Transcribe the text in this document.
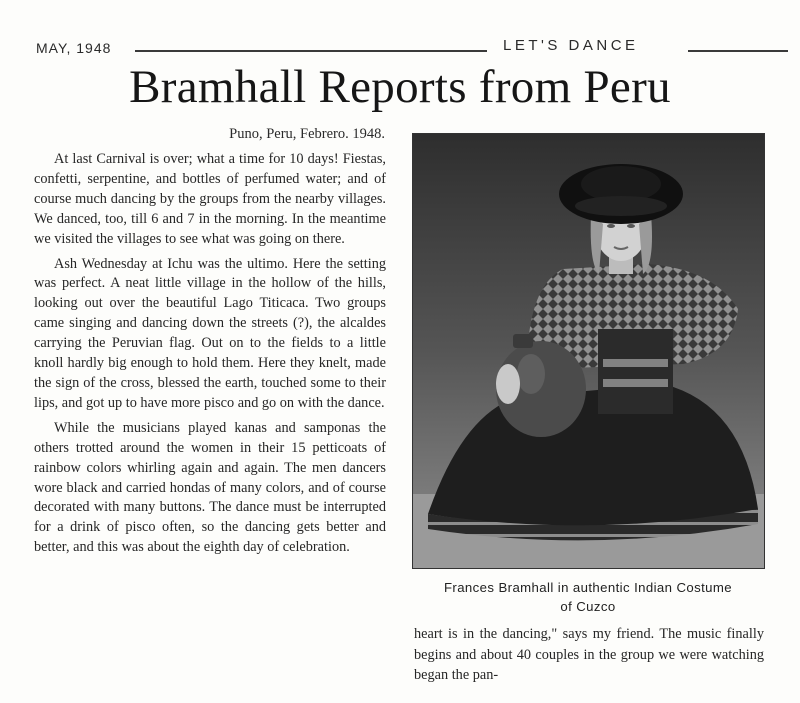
MAY, 1948	LET'S DANCE
Bramhall Reports from Peru
Puno, Peru, Febrero. 1948.

At last Carnival is over; what a time for 10 days! Fiestas, confetti, serpentine, and bottles of perfumed water; and of course much dancing by the groups from the nearby villages. We danced, too, till 6 and 7 in the morning. In the meantime we visited the villages to see what was going on there.

Ash Wednesday at Ichu was the ultimo. Here the setting was perfect. A neat little village in the hollow of the hills, looking out over the beautiful Lago Titicaca. Two groups came singing and dancing down the streets (?), the alcaldes carrying the Peruvian flag. Out on to the fields to a little knoll hardly big enough to hold them. Here they knelt, made the sign of the cross, blessed the earth, touched some to their lips, and got up to have more pisco and go on with the dance.

While the musicians played kanas and samponas the others trotted around the women in their 15 petticoats of rainbow colors whirling again and again. The men dancers wore black and carried hondas of many colors, and of course decorated with many buttons. The dance must be interrupted for a drink of pisco often, so the dancing gets better and better, and this was about the eighth day of celebration.

Frances Bramhall in authentic Indian Costume
of Cuzco

heart is in the dancing," says my friend. The music finally begins and about 40 couples in the group we were watching began the pan-
